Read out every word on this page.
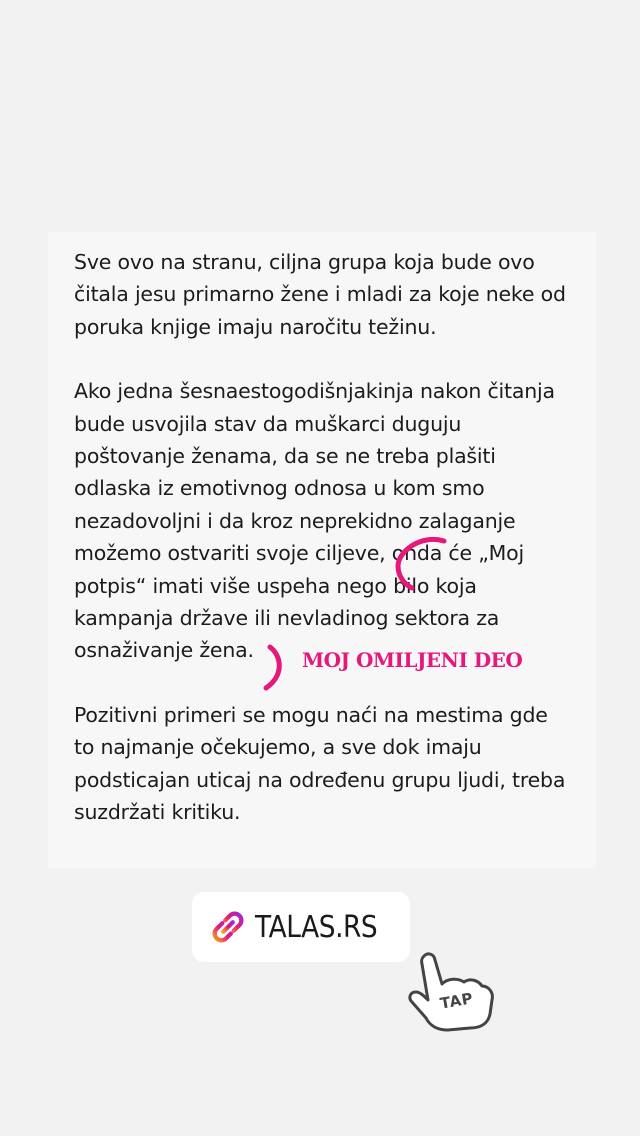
Sve ovo na stranu, ciljna grupa koja bude ovo čitala jesu primarno žene i mladi za koje neke od poruka knjige imaju naročitu težinu.

Ako jedna šesnaestogodišnjakinja nakon čitanja bude usvojila stav da muškarci duguju poštovanje ženama, da se ne treba plašiti odlaska iz emotivnog odnosa u kom smo nezadovoljni i da kroz neprekidno zalaganje možemo ostvariti svoje ciljeve, onda će „Moj potpis“ imati više uspeha nego bilo koja kampanja države ili nevladinog sektora za osnaživanje žena.

Pozitivni primeri se mogu naći na mestima gde to najmanje očekujemo, a sve dok imaju podsticajan uticaj na određenu grupu ljudi, treba suzdržati kritiku.

MOJ OMILJENI DEO
TALAS.RS
TAP
